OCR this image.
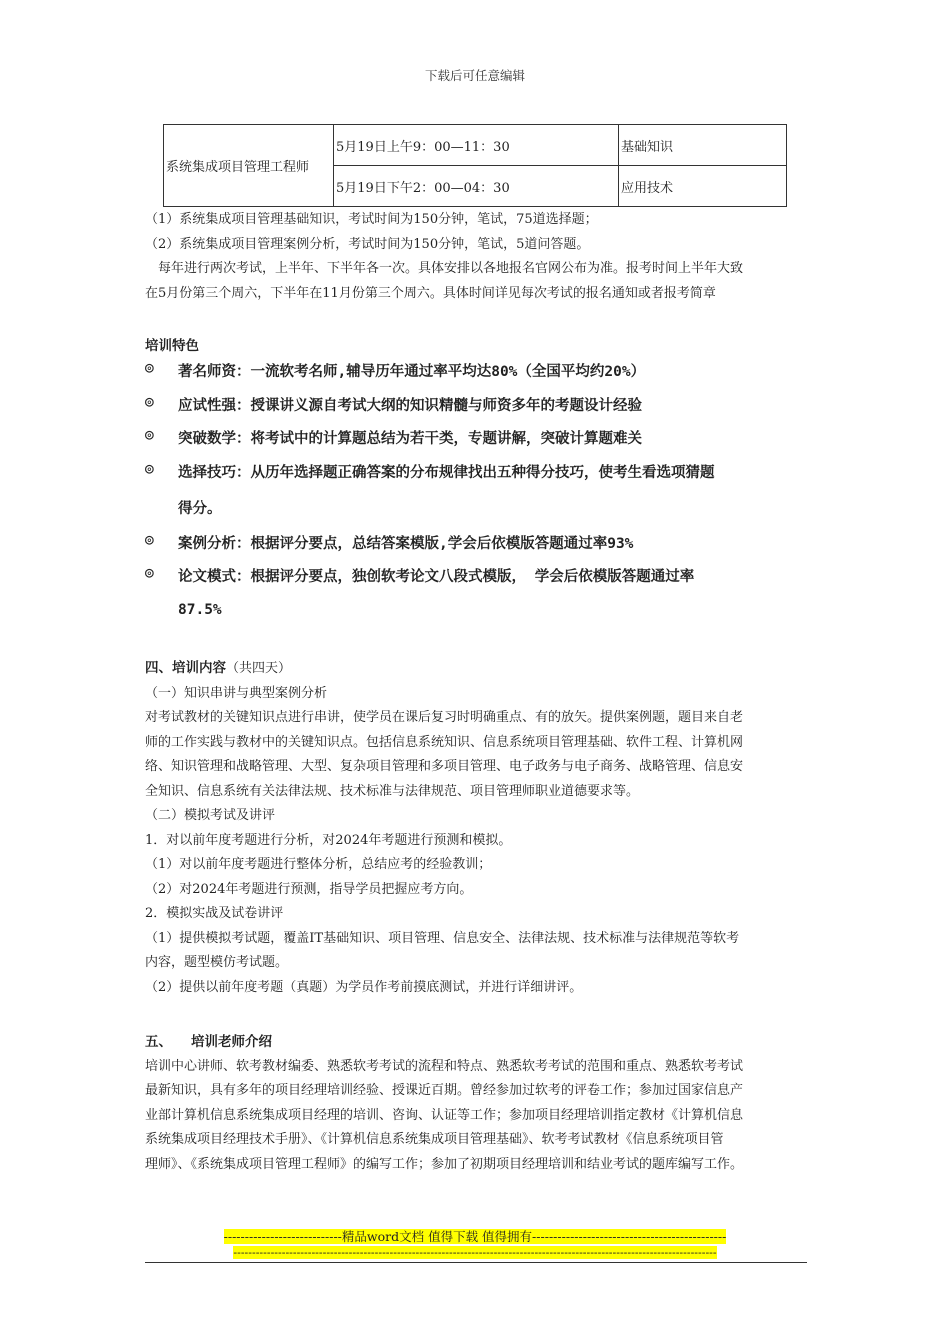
下载后可任意编辑
系统集成项目管理工程师	5月19日上午9：00—11：30	基础知识
	5月19日下午2：00—04：30	应用技术
（1）系统集成项目管理基础知识，考试时间为150分钟，笔试，75道选择题；
（2）系统集成项目管理案例分析，考试时间为150分钟，笔试，5道问答题。
每年进行两次考试，上半年、下半年各一次。具体安排以各地报名官网公布为准。报考时间上半年大致
在5月份第三个周六，下半年在11月份第三个周六。具体时间详见每次考试的报名通知或者报考简章
培训特色
◎ 著名师资：一流软考名师,辅导历年通过率平均达80%（全国平均约20%）
◎ 应试性强：授课讲义源自考试大纲的知识精髓与师资多年的考题设计经验
◎ 突破数学：将考试中的计算题总结为若干类，专题讲解，突破计算题难关
◎ 选择技巧：从历年选择题正确答案的分布规律找出五种得分技巧，使考生看选项猜题
得分。
◎ 案例分析：根据评分要点，总结答案模版,学会后依模版答题通过率93%
◎ 论文模式：根据评分要点，独创软考论文八段式模版， 学会后依模版答题通过率
87.5%
四、培训内容（共四天）
（一）知识串讲与典型案例分析
对考试教材的关键知识点进行串讲，使学员在课后复习时明确重点、有的放矢。提供案例题，题目来自老
师的工作实践与教材中的关键知识点。包括信息系统知识、信息系统项目管理基础、软件工程、计算机网
络、知识管理和战略管理、大型、复杂项目管理和多项目管理、电子政务与电子商务、战略管理、信息安
全知识、信息系统有关法律法规、技术标准与法律规范、项目管理师职业道德要求等。
（二）模拟考试及讲评
1．对以前年度考题进行分析，对2024年考题进行预测和模拟。
（1）对以前年度考题进行整体分析，总结应考的经验教训；
（2）对2024年考题进行预测，指导学员把握应考方向。
2．模拟实战及试卷讲评
（1）提供模拟考试题，覆盖IT基础知识、项目管理、信息安全、法律法规、技术标准与法律规范等软考
内容，题型模仿考试题。
（2）提供以前年度考题（真题）为学员作考前摸底测试，并进行详细讲评。
五、 培训老师介绍
培训中心讲师、软考教材编委、熟悉软考考试的流程和特点、熟悉软考考试的范围和重点、熟悉软考考试
最新知识，具有多年的项目经理培训经验、授课近百期。曾经参加过软考的评卷工作；参加过国家信息产
业部计算机信息系统集成项目经理的培训、咨询、认证等工作；参加项目经理培训指定教材《计算机信息
系统集成项目经理技术手册》、《计算机信息系统集成项目管理基础》、软考考试教材《信息系统项目管
理师》、《系统集成项目管理工程师》的编写工作；参加了初期项目经理培训和结业考试的题库编写工作。
----------------------------精品word文档 值得下载 值得拥有----------------------------------------------
----------------------------------------------------------------------------------------------------------------------------------
